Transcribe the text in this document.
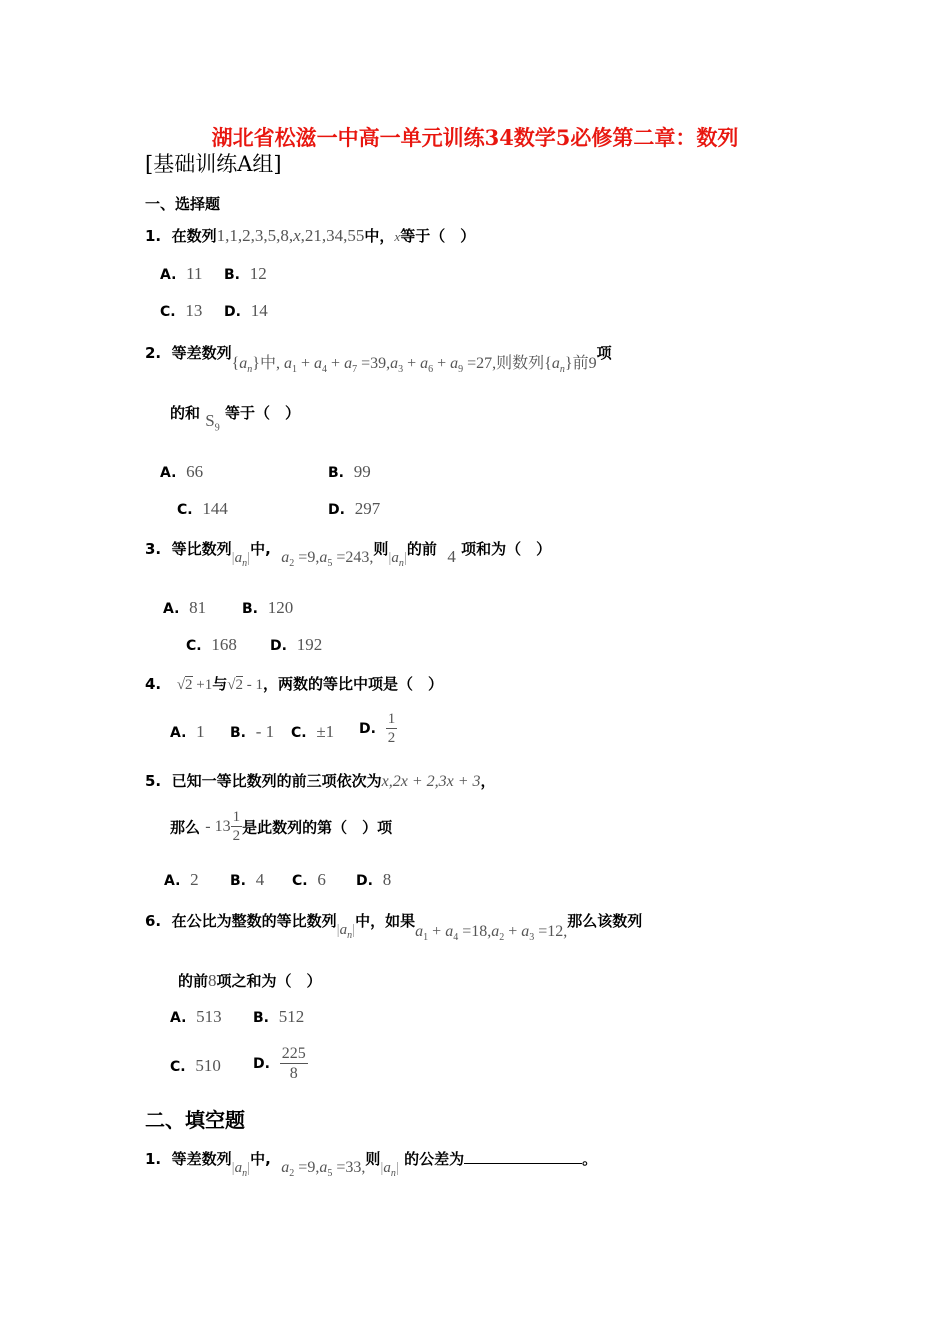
湖北省松滋一中高一单元训练34数学5必修第二章：数列
[基础训练A组]
一、选择题
1. 在数列1,1,2,3,5,8,x,21,34,55中，x等于（　）
A. 11 B. 12
C. 13 D. 14
2. 等差数列$\{a_n\}$中, $a_1 + a_4 + a_7 =39,a_3 + a_6 + a_9 =27$,则数列$\{a_n\}$前9项
的和 $S_9$ 等于（　）
A. 66	B. 99
C. 144	D. 297
3. 等比数列$|a_n|$中, $a_2 =9,a_5 =243$,则$|a_n|$的前 4 项和为（　）
A. 81	B. 120
C. 168 D. 192
4. √2 +1与√2 - 1，两数的等比中项是（　）
A. 1 B. - 1 C. ±1 D. $\frac{1}{2}$
5. 已知一等比数列的前三项依次为x,2x + 2,3x + 3，
那么 - $13 \frac{1}{2}$ 是此数列的第（　）项
A. 2 B. 4 C. 6 D. 8
6. 在公比为整数的等比数列$|a_n|$中，如果$a_1 + a_4 =18,a_2 + a_3 =12$,那么该数列
的前8项之和为（　）
A. 513 B. 512
C. 510 D. $\frac{225}{8}$
二、填空题
1. 等差数列$|a_n|$中, $a_2 =9,a_5 =33$,则$|a_n|$ 的公差为	。
